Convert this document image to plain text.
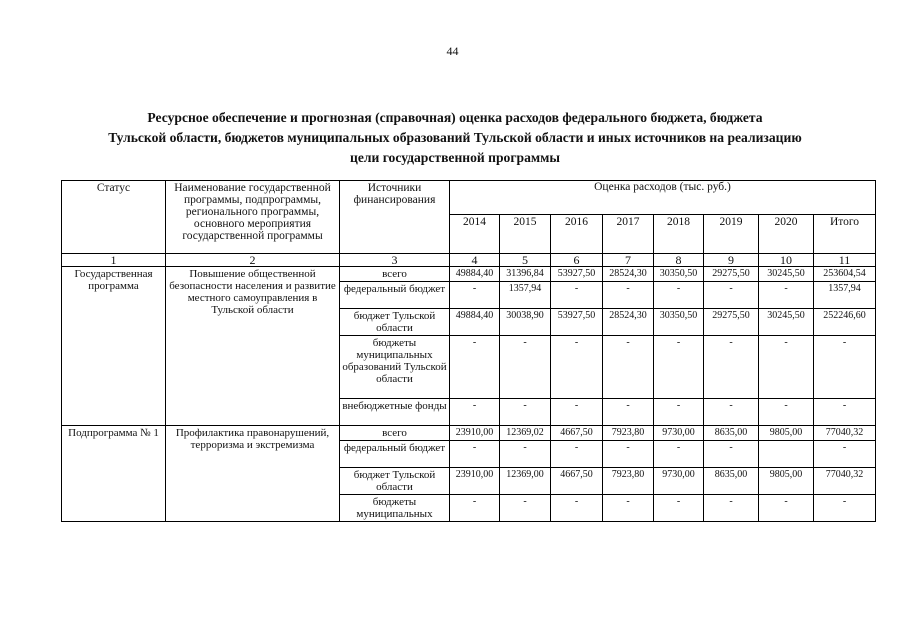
44
Ресурсное обеспечение и прогнозная (справочная) оценка расходов федерального бюджета, бюджета
Тульской области, бюджетов муниципальных образований Тульской области и иных источников на реализацию
цели государственной программы
Статус	Наименование государственной программы, подпрограммы, регионального программы, основного мероприятия государственной программы	Источники финансирования	Оценка расходов (тыс. руб.)							
			2014	2015	2016	2017	2018	2019	2020	Итого
1	2	3	4	5	6	7	8	9	10	11
Государственная программа	Повышение общественной безопасности населения и развитие местного самоуправления в Тульской области	всего	49884,40	31396,84	53927,50	28524,30	30350,50	29275,50	30245,50	253604,54
		федеральный бюджет	-	1357,94	-	-	-	-	-	1357,94
		бюджет Тульской области	49884,40	30038,90	53927,50	28524,30	30350,50	29275,50	30245,50	252246,60
		бюджеты муниципальных образований Тульской области	-	-	-	-	-	-	-	-
		внебюджетные фонды	-	-	-	-	-	-	-	-
Подпрограмма № 1	Профилактика правонарушений, терроризма и экстремизма	всего	23910,00	12369,02	4667,50	7923,80	9730,00	8635,00	9805,00	77040,32
		федеральный бюджет	-	-	-	-	-	-		-
		бюджет Тульской области	23910,00	12369,00	4667,50	7923,80	9730,00	8635,00	9805,00	77040,32
		бюджеты муниципальных	-	-	-	-	-	-	-	-
